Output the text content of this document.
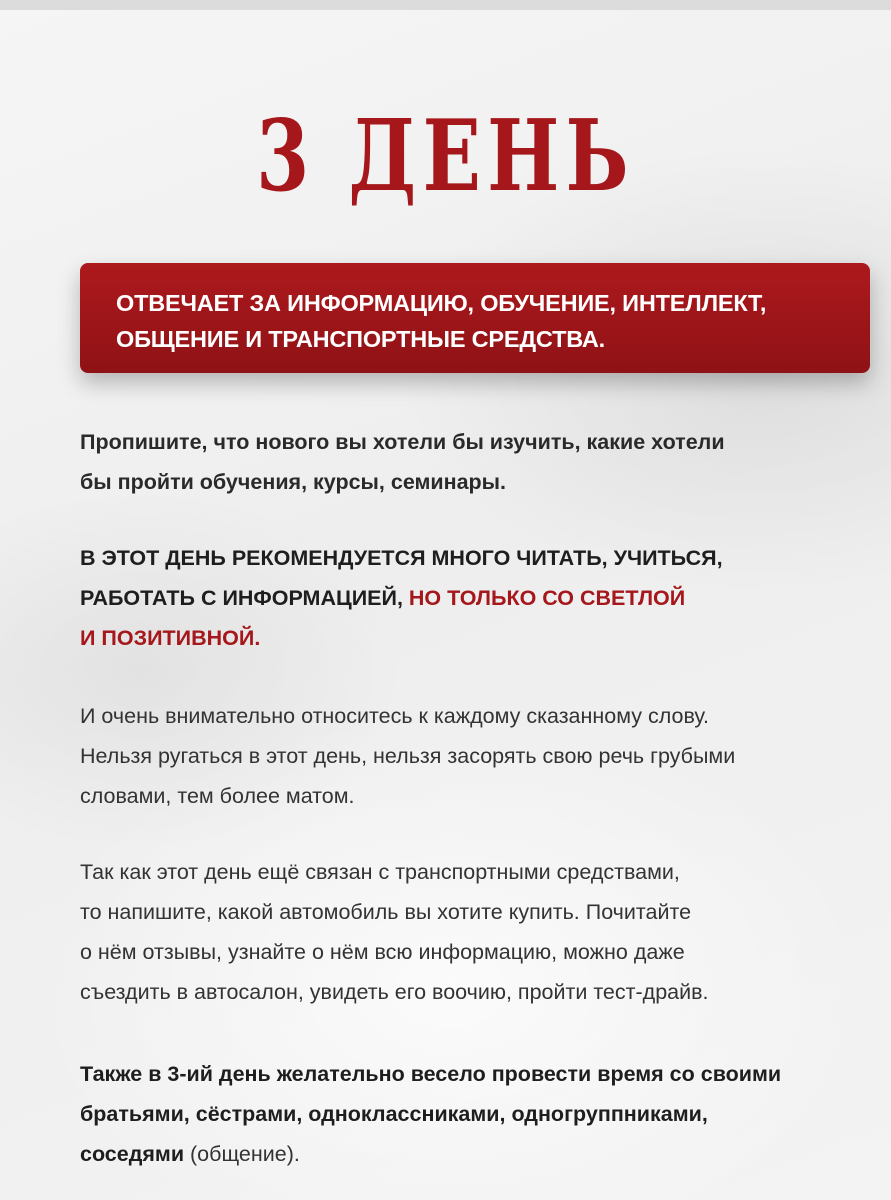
3 ДЕНЬ

ОТВЕЧАЕТ ЗА ИНФОРМАЦИЮ, ОБУЧЕНИЕ, ИНТЕЛЛЕКТ,
ОБЩЕНИЕ И ТРАНСПОРТНЫЕ СРЕДСТВА.

Пропишите, что нового вы хотели бы изучить, какие хотели
бы пройти обучения, курсы, семинары.

В ЭТОТ ДЕНЬ РЕКОМЕНДУЕТСЯ МНОГО ЧИТАТЬ, УЧИТЬСЯ,
РАБОТАТЬ С ИНФОРМАЦИЕЙ, НО ТОЛЬКО СО СВЕТЛОЙ
И ПОЗИТИВНОЙ.

И очень внимательно относитесь к каждому сказанному слову.
Нельзя ругаться в этот день, нельзя засорять свою речь грубыми
словами, тем более матом.

Так как этот день ещё связан с транспортными средствами,
то напишите, какой автомобиль вы хотите купить. Почитайте
о нём отзывы, узнайте о нём всю информацию, можно даже
съездить в автосалон, увидеть его воочию, пройти тест-драйв.

Также в 3-ий день желательно весело провести время со своими
братьями, сёстрами, одноклассниками, одногруппниками,
соседями (общение).
